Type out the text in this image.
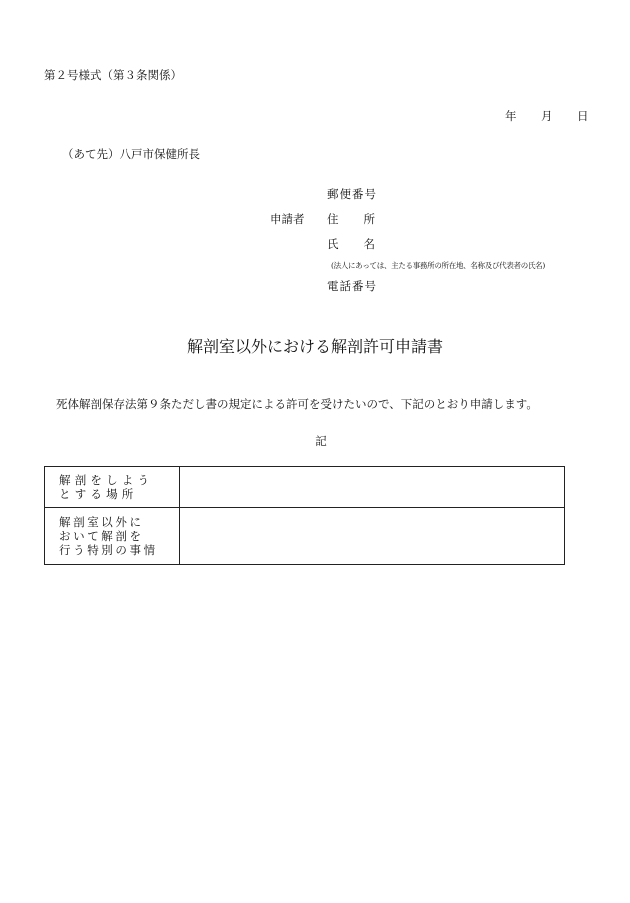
第２号様式（第３条関係）
年 月 日
（あて先）八戸市保健所長
申請者
郵便番号
住 所
氏 名
(法人にあっては、主たる事務所の所在地、名称及び代表者の氏名)
電話番号
解剖室以外における解剖許可申請書
死体解剖保存法第９条ただし書の規定による許可を受けたいので、下記のとおり申請します。
記
解剖をしよう
とする場所	

解剖室以外に
おいて解剖を
行う特別の事情	
